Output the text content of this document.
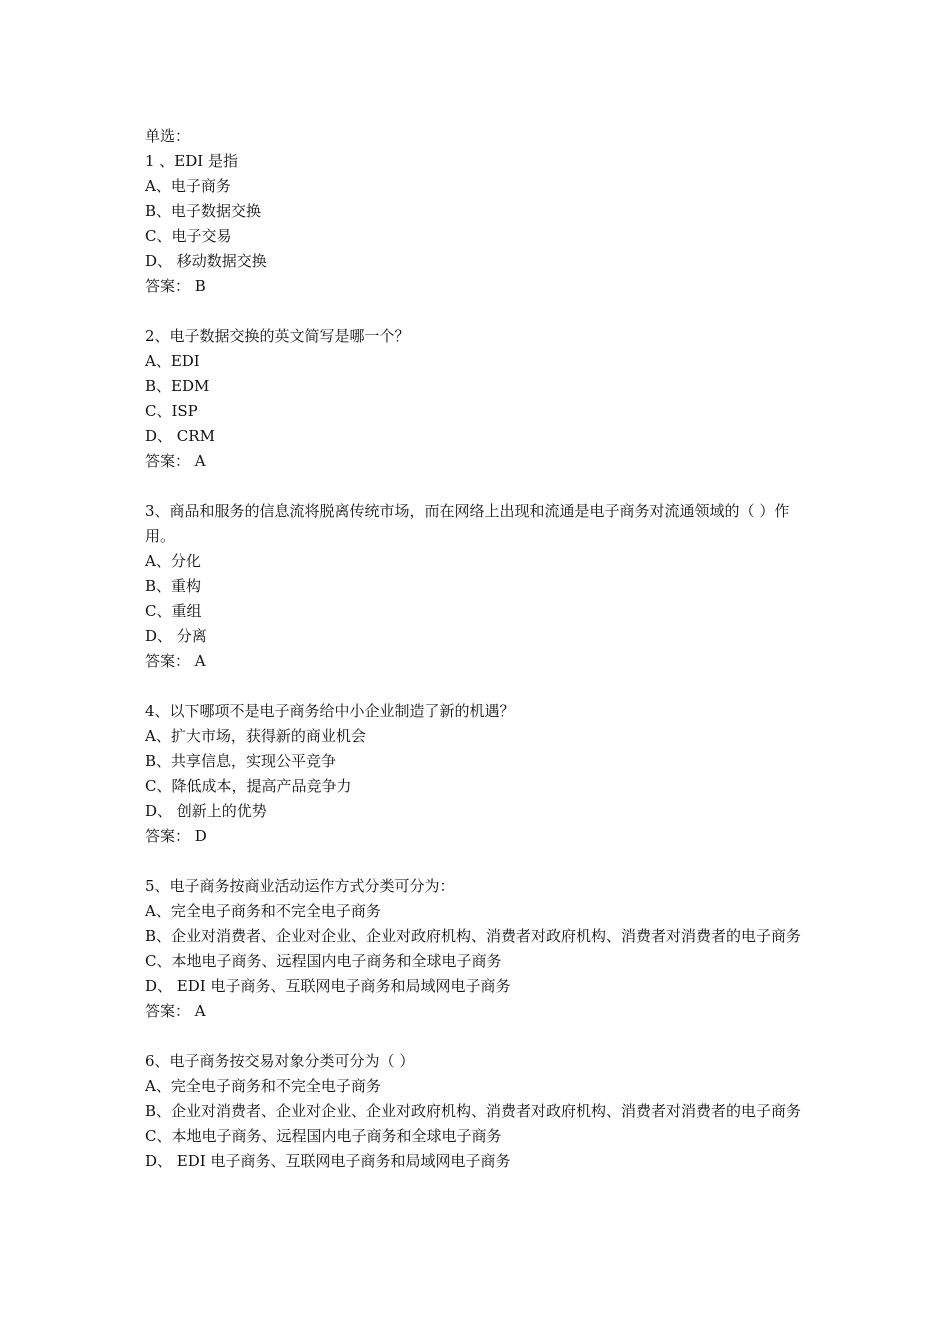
单选：

1 、EDI 是指

A、电子商务

B、电子数据交换

C、电子交易

D、 移动数据交换

答案： B

2、电子数据交换的英文简写是哪一个？

A、EDI

B、EDM

C、ISP

D、 CRM

答案： A

3、商品和服务的信息流将脱离传统市场，而在网络上出现和流通是电子商务对流通领域的（ ）作用。

A、分化

B、重构

C、重组

D、 分离

答案： A

4、以下哪项不是电子商务给中小企业制造了新的机遇？

A、扩大市场，获得新的商业机会

B、共享信息，实现公平竞争

C、降低成本，提高产品竞争力

D、 创新上的优势

答案： D

5、电子商务按商业活动运作方式分类可分为：

A、完全电子商务和不完全电子商务

B、企业对消费者、企业对企业、企业对政府机构、消费者对政府机构、消费者对消费者的电子商务

C、本地电子商务、远程国内电子商务和全球电子商务

D、 EDI 电子商务、互联网电子商务和局域网电子商务

答案： A

6、电子商务按交易对象分类可分为（ ）

A、完全电子商务和不完全电子商务

B、企业对消费者、企业对企业、企业对政府机构、消费者对政府机构、消费者对消费者的电子商务

C、本地电子商务、远程国内电子商务和全球电子商务

D、 EDI 电子商务、互联网电子商务和局域网电子商务
